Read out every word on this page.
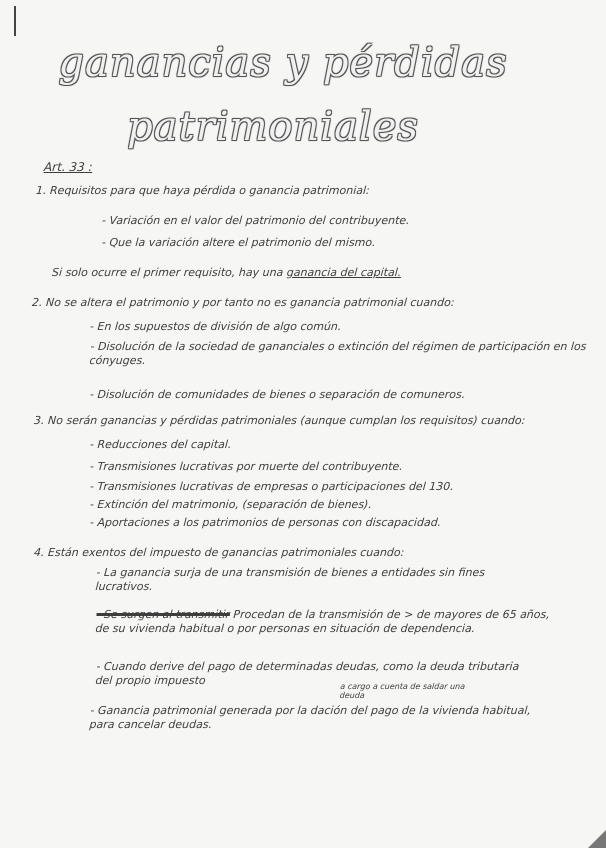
ganancias y pérdidas
patrimoniales
Art. 33 :
1. Requisitos para que haya pérdida o ganancia patrimonial:
- Variación en el valor del patrimonio del contribuyente.
- Que la variación altere el patrimonio del mismo.
Si solo ocurre el primer requisito, hay una ganancia del capital.
2. No se altera el patrimonio y por tanto no es ganancia patrimonial cuando:
- En los supuestos de división de algo común.
- Disolución de la sociedad de gananciales o extinción del régimen de participación en los cónyuges.
- Disolución de comunidades de bienes o separación de comuneros.
3. No serán ganancias y pérdidas patrimoniales (aunque cumplan los requisitos) cuando:
- Reducciones del capital.
- Transmisiones lucrativas por muerte del contribuyente.
- Transmisiones lucrativas de empresas o participaciones del 130.
- Extinción del matrimonio, (separación de bienes).
- Aportaciones a los patrimonios de personas con discapacidad.
4. Están exentos del impuesto de ganancias patrimoniales cuando:
- La ganancia surja de una transmisión de bienes a entidades sin fines lucrativos.
- Se surgen al transmitir Procedan de la transmisión de > de mayores de 65 años, de su vivienda habitual o por personas en situación de dependencia.
- Cuando derive del pago de determinadas deudas, como la deuda tributaria del propio impuesto	a cargo a cuenta de saldar una deuda
- Ganancia patrimonial generada por la dación del pago de la vivienda habitual, para cancelar deudas.
